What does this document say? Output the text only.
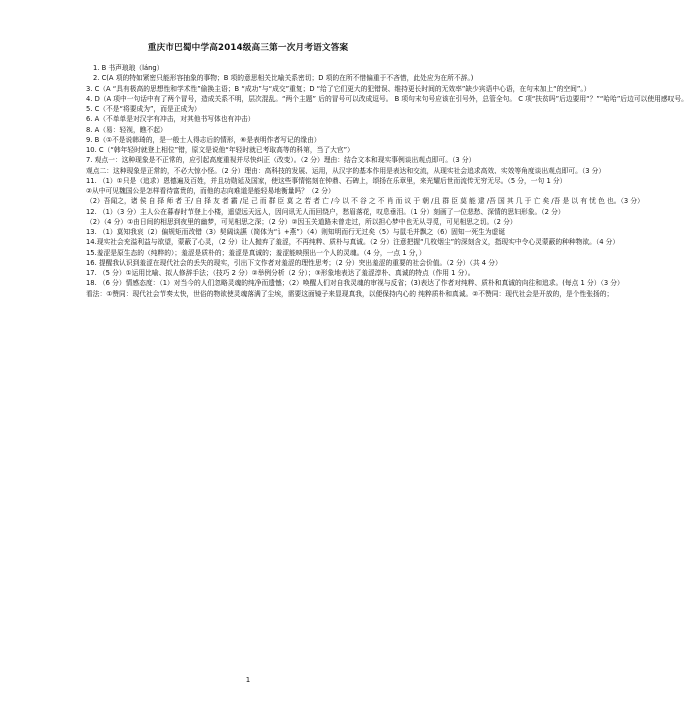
重庆市巴蜀中学高2014级高三第一次月考语文答案
1. B 书声琅琅（láng）
2. C(A 项的特如紧密只能形容抽象的事物；B 项的意思相关比喻关系密切；D 项的在所不惜偏重于不吝惜，此处应为在所不辞。)
3. C（A “具有极高的思想性和学术性”偷换主语；B “成功”与“成交”重复；D “给了它们更大的犯错误、维持更长时间的无效率”缺少宾语中心语，在句末加上“的空间”。）
4. D（A 项中一句话中有了两个冒号，造成关系不明，层次混乱。“两个主题” 后的冒号可以改成逗号。 B 项句末句号应该在引号外，总管全句。 C 项“扶贫吗”后边要用“？”“哈哈”后边可以使用感叹号。
5. C（不是“将要成为”，而是正成为）
6. A（不单单是对汉字有冲击，对其他书写体也有冲击）
8. A（易：轻视，瞧不起）
9. B（①不是说韩琦的，是一般士人得志后的情形，⑥是表明作者写记的缘由）
10. C（“韩年轻时就登上相位”错，原文是说他“年轻时就已考取高等的科第，当了大官”）
7. 观点一：这种现象是不正常的，应引起高度重视并尽快纠正（改变）。（2 分）理由：结合文本和现实事例谈出观点即可。（3 分）
观点二：这种现象是正常的，不必大惊小怪。（2 分）理由：高科技的发展、运用，从汉字的基本作用是表达和交流，从现实社会追求高效、实效等角度谈出观点即可。（3 分）
11. （1）①只是（追求）恩德遍及百姓，并且功勋延及国家，使这些事情铭刻在钟鼎、石碑上，颂扬在乐章里，来光耀后世而流传无穷无尽。（5 分，一句 1 分）
②从中可见魏国公是怎样看待富贵的，而他的志向难道是能轻易地衡量吗？（2 分）
（2）吾闻之，诸 侯 自 择 师 者 王/ 自 择 友 者 霸 /足 己 而 群 臣 莫 之 若 者 亡 /今 以 不 谷 之 不 肖 而 议 于 朝 /且 群 臣 莫 能 逮 /吾 国 其 几 于 亡 矣 /吾 是 以 有 忧 色 也。（3 分）
12. （1）（3 分）主人公在暮春时节登上小楼，遥望远天远人，因问讯无人而回绕户，愁眉落花，叹息垂泪。（1 分）刻画了一位悲愁、深情的思妇形象。（2 分）
（2）（4 分）①由日间的相思到夜里的幽梦，可见相思之深；（2 分）②因玉关道路未曾走过，所以担心梦中也无从寻觅，可见相思之切。（2 分）
13. （1）莫知我哀（2）偏规矩而改错（3）契阔谈讌（简体为“讠+燕”）（4）则知明而行无过矣（5）与鼠毛并飘之（6）固知一死生为虚诞
14.现实社会充溢利益与欲望，蒙蔽了心灵，（2 分）让人抛弃了羞涩，不再纯粹、质朴与真诚。（2 分）注意把握“几枚烟尘”的深刻含义，指现实中令心灵蒙蔽的种种物欲。（4 分）
15.羞涩是原生态的（纯粹的）；羞涩是质朴的；羞涩是真诚的；羞涩能映照出一个人的灵魂。（4 分，一点 1 分，）
16. 提醒我认识到羞涩在现代社会的丢失的现实，引出下文作者对羞涩的理性思考；（2 分）突出羞涩的重要的社会价值。（2 分）（共 4 分）
17. （5 分）①运用比喻、拟人修辞手法；（技巧 2 分）②举例分析（2 分）；③形象地表达了羞涩淳朴、真诚的特点（作用 1 分）。
18. （6 分）情感态度：（1）对当今的人们忽略灵魂的纯净而遗憾；（2）唤醒人们对自我灵魂的审视与反省；(3)表达了作者对纯粹、质朴和真诚的向往和追求。(每点 1 分）（3 分）
看法：①赞同：现代社会节奏太快，世俗的物欲使灵魂落满了尘埃，需要这面镜子来显现真我，以便保持内心的 纯粹质朴和真诚。②不赞同：现代社会是开放的，是个性张扬的；
1
